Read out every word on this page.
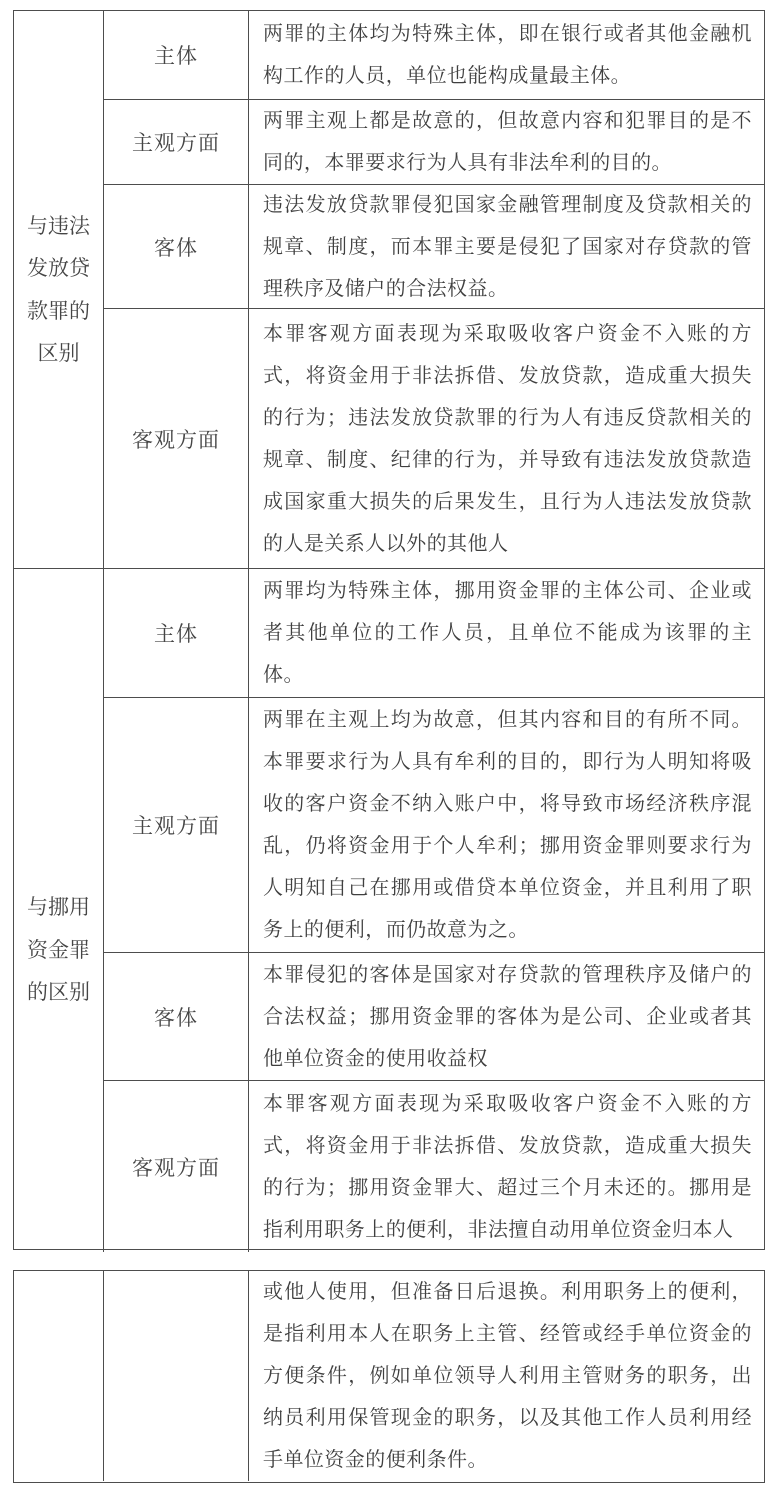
与违法
发放贷
款罪的
区别
主体
两罪的主体均为特殊主体，即在银行或者其他金融机构工作的人员，单位也能构成量最主体。
主观方面
两罪主观上都是故意的，但故意内容和犯罪目的是不同的，本罪要求行为人具有非法牟利的目的。
客体
违法发放贷款罪侵犯国家金融管理制度及贷款相关的规章、制度，而本罪主要是侵犯了国家对存贷款的管理秩序及储户的合法权益。
客观方面
本罪客观方面表现为采取吸收客户资金不入账的方式，将资金用于非法拆借、发放贷款，造成重大损失的行为；违法发放贷款罪的行为人有违反贷款相关的规章、制度、纪律的行为，并导致有违法发放贷款造成国家重大损失的后果发生，且行为人违法发放贷款的人是关系人以外的其他人
与挪用
资金罪
的区别
主体
两罪均为特殊主体，挪用资金罪的主体公司、企业或者其他单位的工作人员，且单位不能成为该罪的主体。
主观方面
两罪在主观上均为故意，但其内容和目的有所不同。本罪要求行为人具有牟利的目的，即行为人明知将吸收的客户资金不纳入账户中，将导致市场经济秩序混乱，仍将资金用于个人牟利；挪用资金罪则要求行为人明知自己在挪用或借贷本单位资金，并且利用了职务上的便利，而仍故意为之。
客体
本罪侵犯的客体是国家对存贷款的管理秩序及储户的合法权益；挪用资金罪的客体为是公司、企业或者其他单位资金的使用收益权
客观方面
本罪客观方面表现为采取吸收客户资金不入账的方式，将资金用于非法拆借、发放贷款，造成重大损失的行为；挪用资金罪大、超过三个月未还的。挪用是指利用职务上的便利，非法擅自动用单位资金归本人
或他人使用，但准备日后退换。利用职务上的便利，是指利用本人在职务上主管、经管或经手单位资金的方便条件，例如单位领导人利用主管财务的职务，出纳员利用保管现金的职务，以及其他工作人员利用经手单位资金的便利条件。
